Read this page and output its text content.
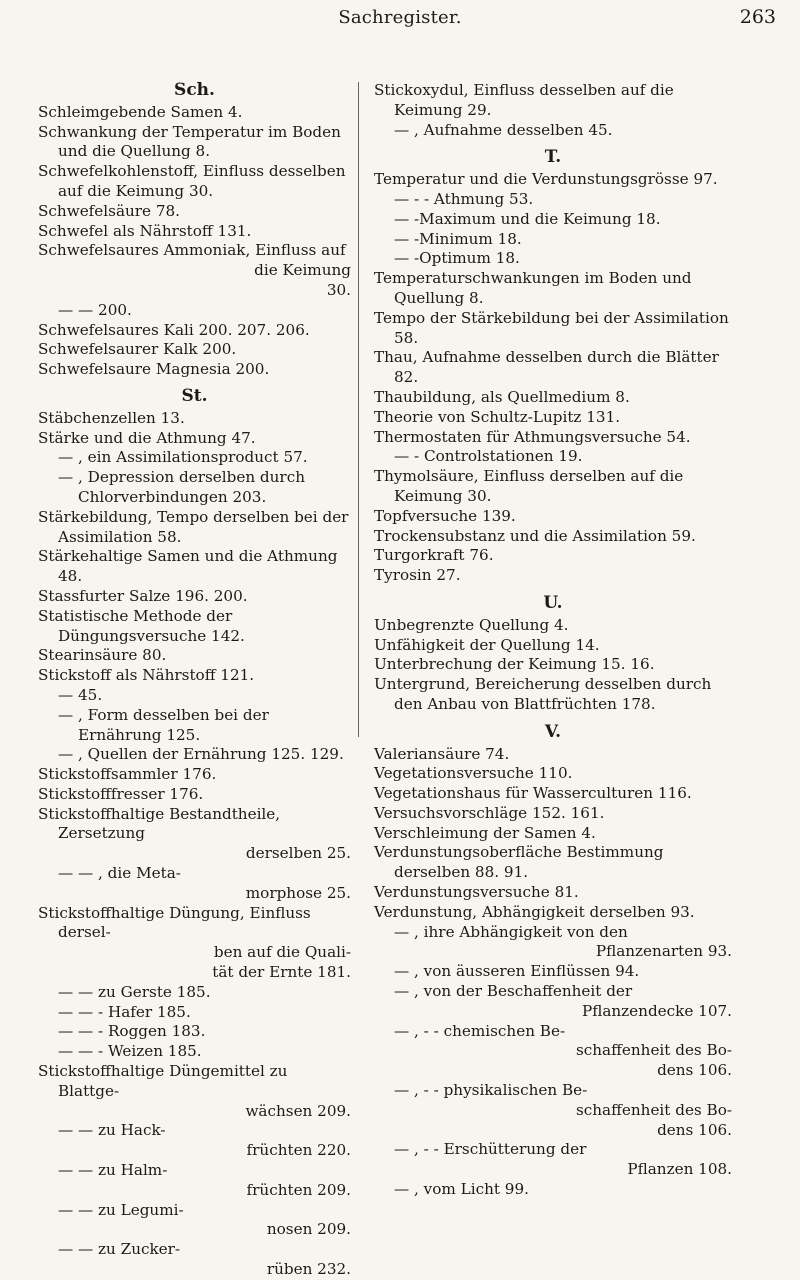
Sachregister.	263
Sch.
Schleimgebende Samen 4.
Schwankung der Temperatur im Boden und die Quellung 8.
Schwefelkohlenstoff, Einfluss desselben auf die Keimung 30.
Schwefelsäure 78.
Schwefel als Nährstoff 131.
Schwefelsaures Ammoniak, Einfluss auf
die Keimung
30.
— — 200.
Schwefelsaures Kali 200. 207. 206.
Schwefelsaurer Kalk 200.
Schwefelsaure Magnesia 200.
St.
Stäbchenzellen 13.
Stärke und die Athmung 47.
— , ein Assimilationsproduct 57.
— , Depression derselben durch Chlorverbindungen 203.
Stärkebildung, Tempo derselben bei der Assimilation 58.
Stärkehaltige Samen und die Athmung 48.
Stassfurter Salze 196. 200.
Statistische Methode der Düngungsversuche 142.
Stearinsäure 80.
Stickstoff als Nährstoff 121.
— 45.
— , Form desselben bei der Ernährung 125.
— , Quellen der Ernährung 125. 129.
Stickstoffsammler 176.
Stickstofffresser 176.
Stickstoffhaltige Bestandtheile, Zersetzung
derselben 25.
— — , die Meta-
morphose 25.
Stickstoffhaltige Düngung, Einfluss dersel-
ben auf die Quali-
tät der Ernte 181.
— — zu Gerste 185.
— — - Hafer 185.
— — - Roggen 183.
— — - Weizen 185.
Stickstoffhaltige Düngemittel zu Blattge-
wächsen 209.
— — zu Hack-
früchten 220.
— — zu Halm-
früchten 209.
— — zu Legumi-
nosen 209.
— — zu Zucker-
rüben 232.
Stickoxydul, Einfluss desselben auf die Keimung 29.
— , Aufnahme desselben 45.
T.
Temperatur und die Verdunstungsgrösse 97.
— - - Athmung 53.
— -Maximum und die Keimung 18.
— -Minimum 18.
— -Optimum 18.
Temperaturschwankungen im Boden und Quellung 8.
Tempo der Stärkebildung bei der Assimilation 58.
Thau, Aufnahme desselben durch die Blätter 82.
Thaubildung, als Quellmedium 8.
Theorie von Schultz-Lupitz 131.
Thermostaten für Athmungsversuche 54.
— - Controlstationen 19.
Thymolsäure, Einfluss derselben auf die Keimung 30.
Topfversuche 139.
Trockensubstanz und die Assimilation 59.
Turgorkraft 76.
Tyrosin 27.
U.
Unbegrenzte Quellung 4.
Unfähigkeit der Quellung 14.
Unterbrechung der Keimung 15. 16.
Untergrund, Bereicherung desselben durch den Anbau von Blattfrüchten 178.
V.
Valeriansäure 74.
Vegetationsversuche 110.
Vegetationshaus für Wasserculturen 116.
Versuchsvorschläge 152. 161.
Verschleimung der Samen 4.
Verdunstungsoberfläche Bestimmung derselben 88. 91.
Verdunstungsversuche 81.
Verdunstung, Abhängigkeit derselben 93.
— , ihre Abhängigkeit von den
Pflanzenarten 93.
— , von äusseren Einflüssen 94.
— , von der Beschaffenheit der
Pflanzendecke 107.
— , - - chemischen Be-
schaffenheit des Bo-
dens 106.
— , - - physikalischen Be-
schaffenheit des Bo-
dens 106.
— , - - Erschütterung der
Pflanzen 108.
— , vom Licht 99.
